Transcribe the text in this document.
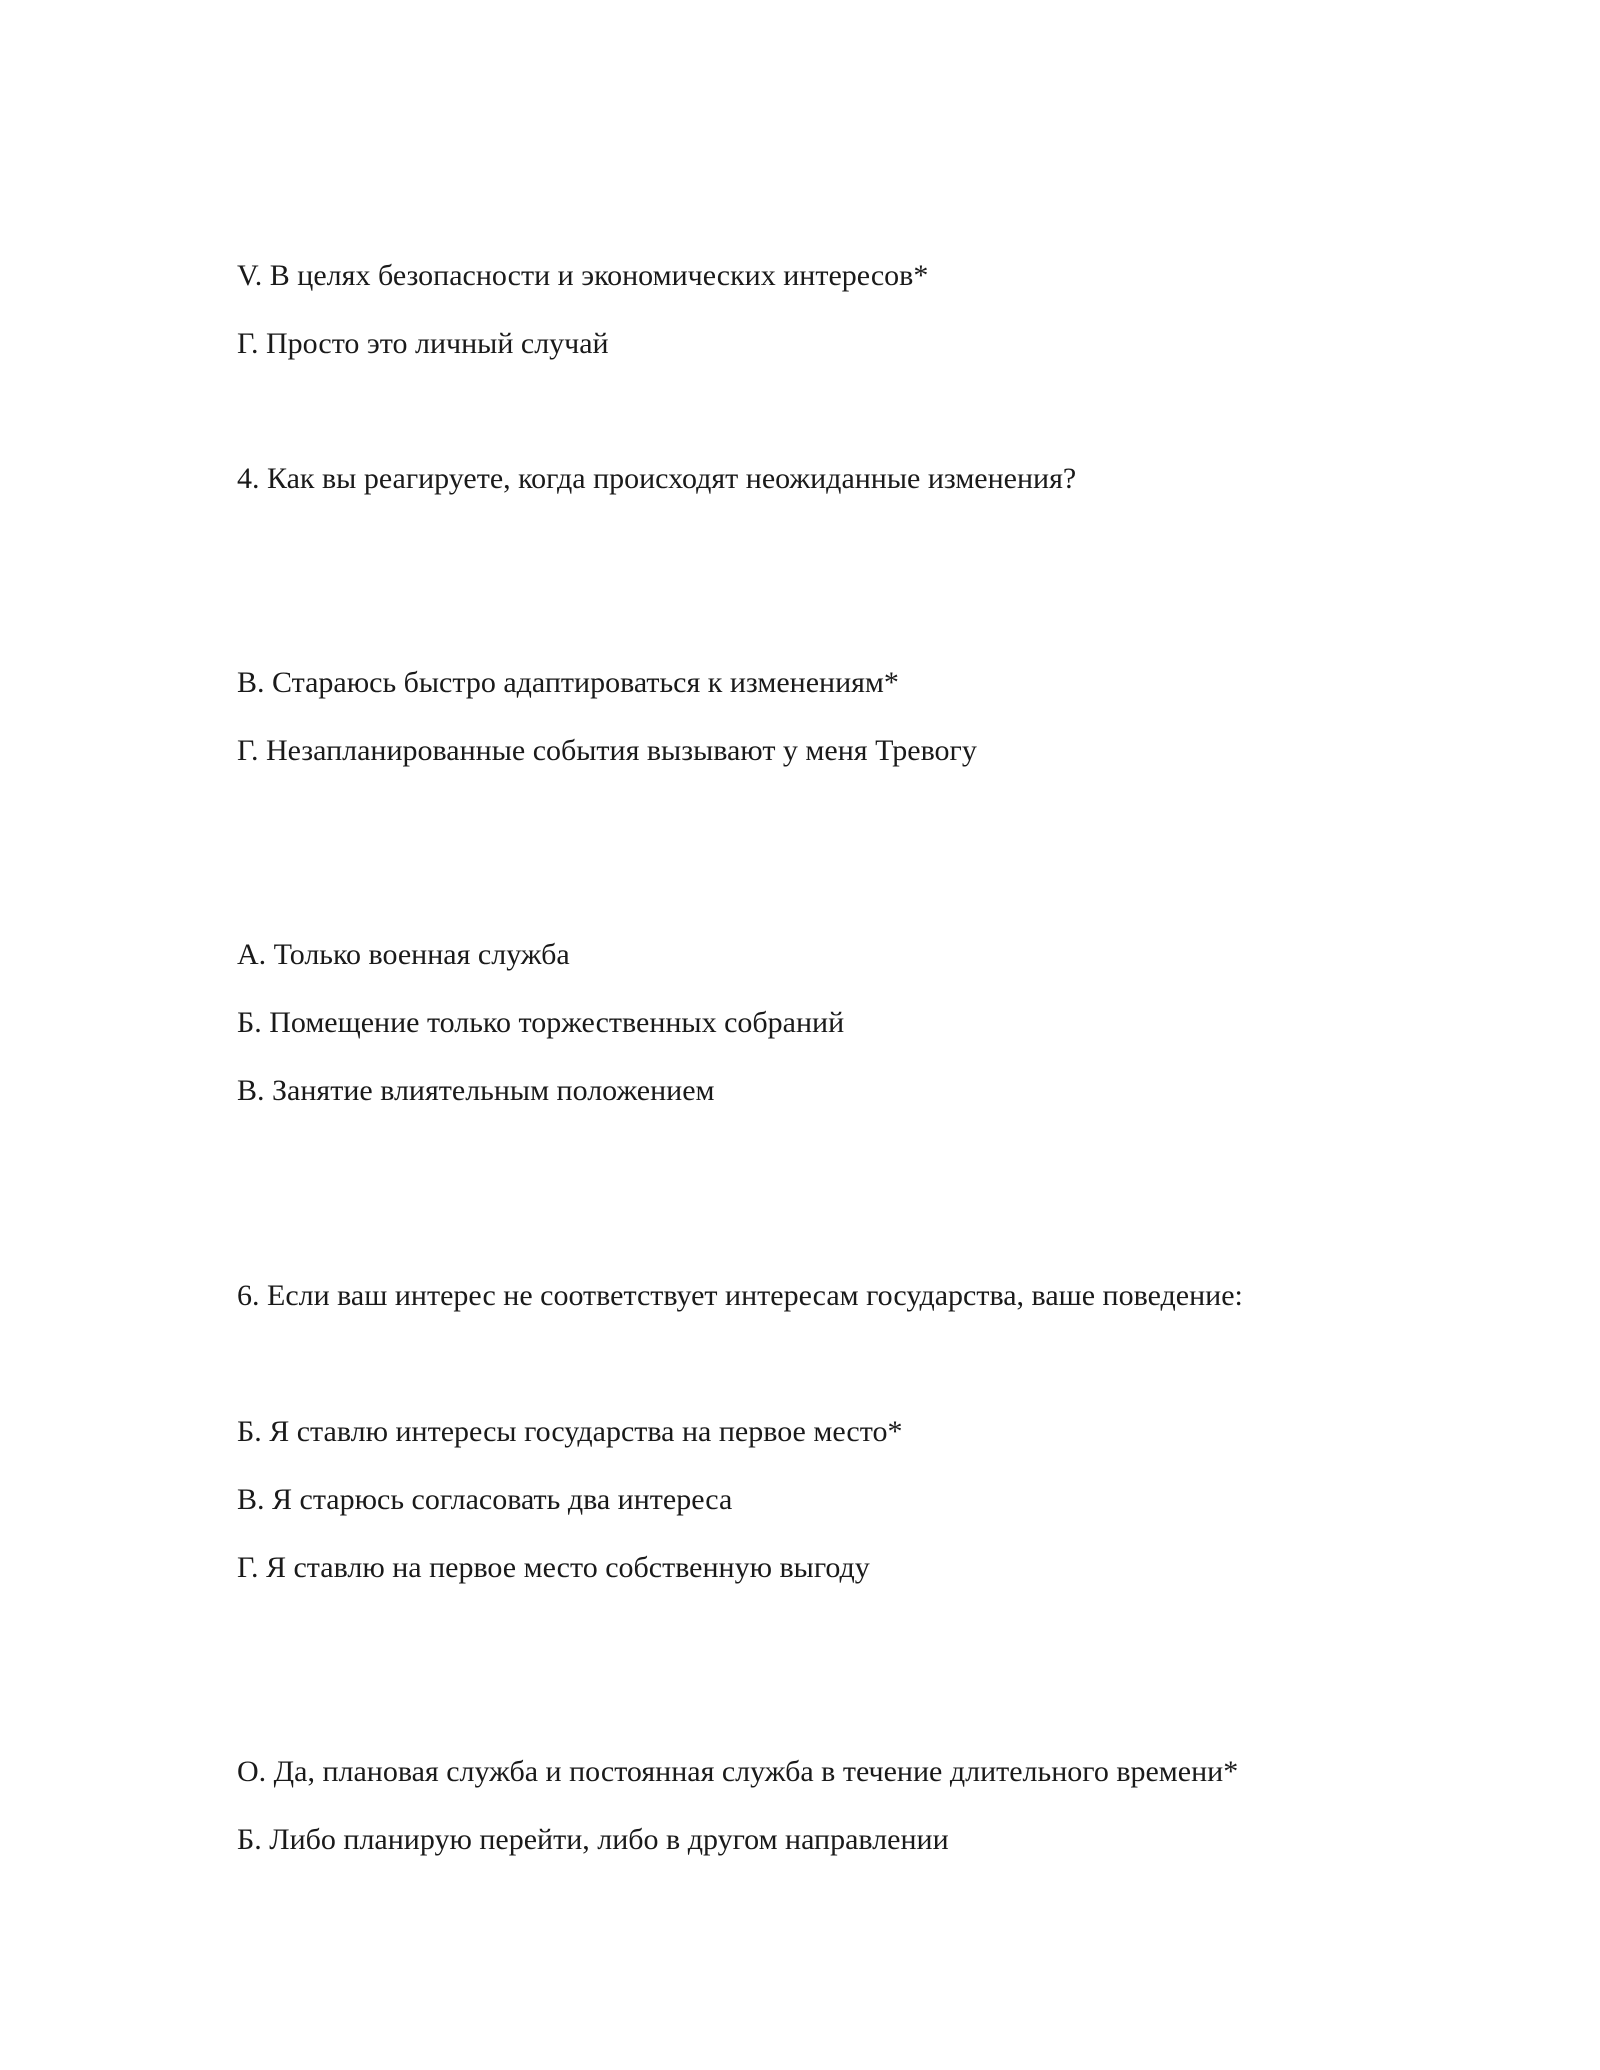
V. В целях безопасности и экономических интересов*
Г. Просто это личный случай
4. Как вы реагируете, когда происходят неожиданные изменения?
В. Стараюсь быстро адаптироваться к изменениям*
Г. Незапланированные события вызывают у меня Тревогу
А. Только военная служба
Б. Помещение только торжественных собраний
В. Занятие влиятельным положением
6. Если ваш интерес не соответствует интересам государства, ваше поведение:
Б. Я ставлю интересы государства на первое место*
В. Я старюсь согласовать два интереса
Г. Я ставлю на первое место собственную выгоду
О. Да, плановая служба и постоянная служба в течение длительного времени*
Б. Либо планирую перейти, либо в другом направлении
